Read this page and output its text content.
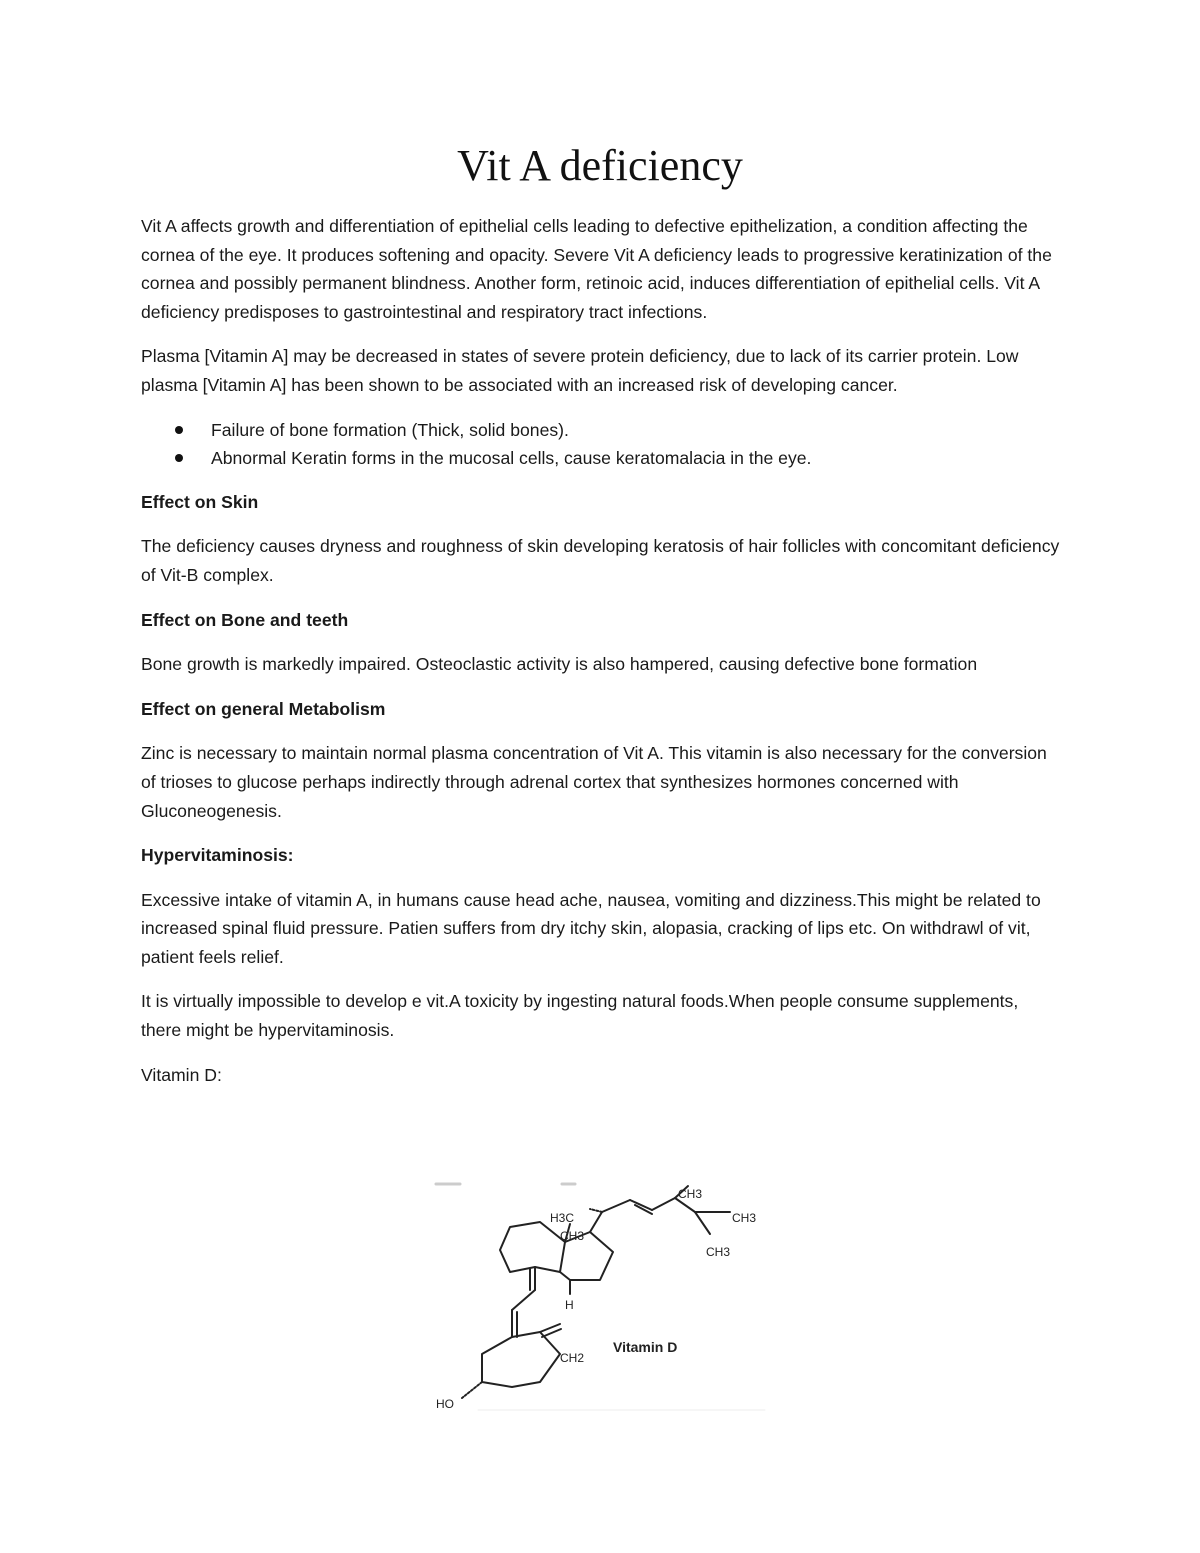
Vit A deficiency

Vit A affects growth and differentiation of epithelial cells leading to defective epithelization, a condition affecting the cornea of the eye. It produces softening and opacity. Severe Vit A deficiency leads to progressive keratinization of the cornea and possibly permanent blindness. Another form, retinoic acid, induces differentiation of epithelial cells. Vit A deficiency predisposes to gastrointestinal and respiratory tract infections.

Plasma [Vitamin A] may be decreased in states of severe protein deficiency, due to lack of its carrier protein. Low plasma [Vitamin A] has been shown to be associated with an increased risk of developing cancer.

Failure of bone formation (Thick, solid bones).
Abnormal Keratin forms in the mucosal cells, cause keratomalacia in the eye.
Effect on Skin

The deficiency causes dryness and roughness of skin developing keratosis of hair follicles with concomitant deficiency of Vit-B complex.

Effect on Bone and teeth

Bone growth is markedly impaired. Osteoclastic activity is also hampered, causing defective bone formation

Effect on general Metabolism

Zinc is necessary to maintain normal plasma concentration of Vit A. This vitamin is also necessary for the conversion of trioses to glucose perhaps indirectly through adrenal cortex that synthesizes hormones concerned with Gluconeogenesis.

Hypervitaminosis:

Excessive intake of vitamin A, in humans cause head ache, nausea, vomiting and dizziness.This might be related to increased spinal fluid pressure. Patien suffers from dry itchy skin, alopasia, cracking of lips etc. On withdrawl of vit, patient feels relief.

It is virtually impossible to develop e vit.A toxicity by ingesting natural foods.When people consume supplements, there might be hypervitaminosis.

Vitamin D:

CH3
H3C	CH3
CH3
CH3
H
CH2
HO
Vitamin D
